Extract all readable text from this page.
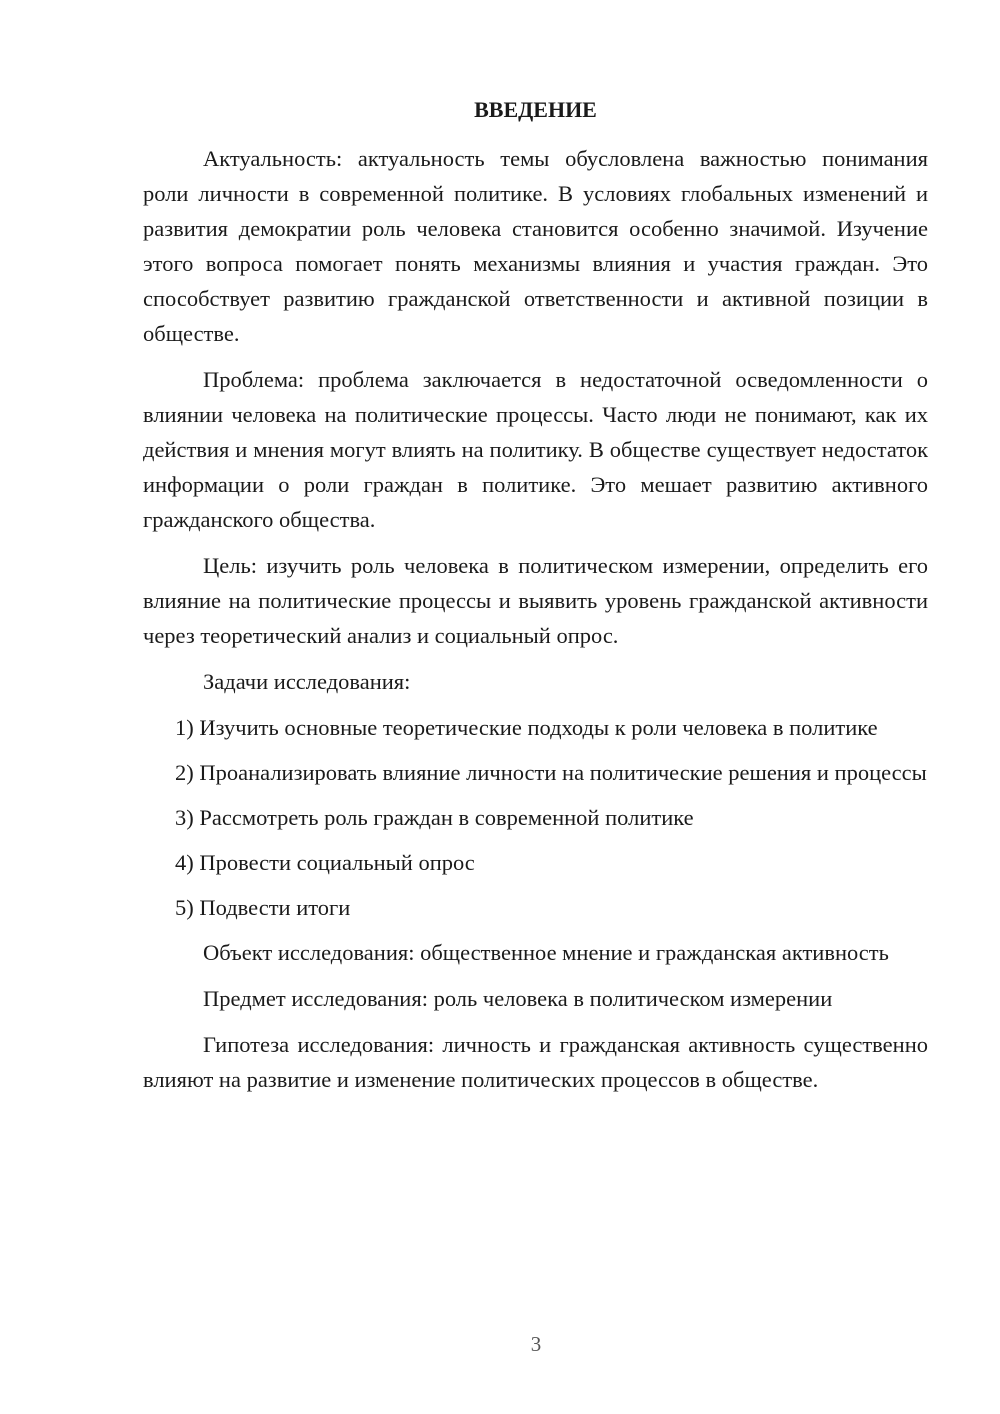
ВВЕДЕНИЕ

Актуальность: актуальность темы обусловлена важностью понимания роли личности в современной политике. В условиях глобальных изменений и развития демократии роль человека становится особенно значимой. Изучение этого вопроса помогает понять механизмы влияния и участия граждан. Это способствует развитию гражданской ответственности и активной позиции в обществе.

Проблема: проблема заключается в недостаточной осведомленности о влиянии человека на политические процессы. Часто люди не понимают, как их действия и мнения могут влиять на политику. В обществе существует недостаток информации о роли граждан в политике. Это мешает развитию активного гражданского общества.

Цель: изучить роль человека в политическом измерении, определить его влияние на политические процессы и выявить уровень гражданской активности через теоретический анализ и социальный опрос.

Задачи исследования:

1) Изучить основные теоретические подходы к роли человека в политике

2) Проанализировать влияние личности на политические решения и процессы

3) Рассмотреть роль граждан в современной политике

4) Провести социальный опрос

5) Подвести итоги

Объект исследования: общественное мнение и гражданская активность

Предмет исследования: роль человека в политическом измерении

Гипотеза исследования: личность и гражданская активность существенно влияют на развитие и изменение политических процессов в обществе.

3
